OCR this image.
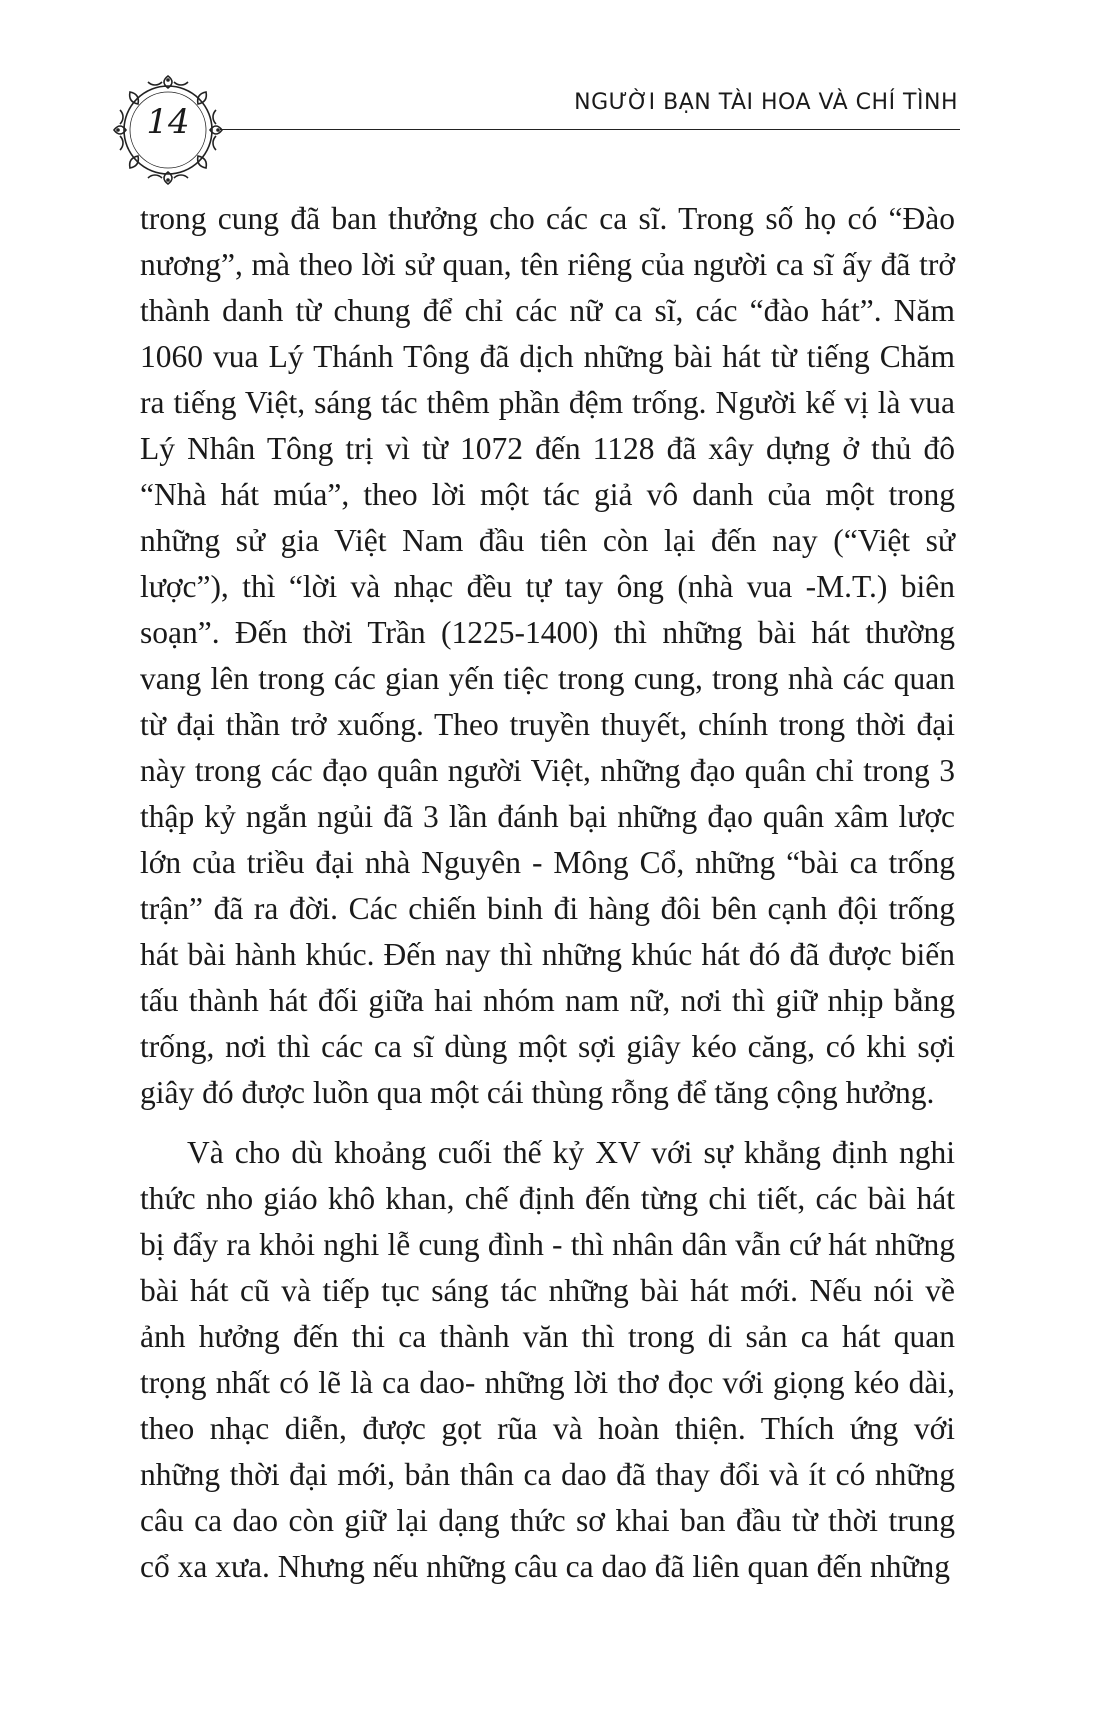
14	NGƯỜI BẠN TÀI HOA VÀ CHÍ TÌNH

trong cung đã ban thưởng cho các ca sĩ. Trong số họ có “Đào nương”, mà theo lời sử quan, tên riêng của người ca sĩ ấy đã trở thành danh từ chung để chỉ các nữ ca sĩ, các “đào hát”. Năm 1060 vua Lý Thánh Tông đã dịch những bài hát từ tiếng Chăm ra tiếng Việt, sáng tác thêm phần đệm trống. Người kế vị là vua Lý Nhân Tông trị vì từ 1072 đến 1128 đã xây dựng ở thủ đô “Nhà hát múa”, theo lời một tác giả vô danh của một trong những sử gia Việt Nam đầu tiên còn lại đến nay (“Việt sử lược”), thì “lời và nhạc đều tự tay ông (nhà vua -M.T.) biên soạn”. Đến thời Trần (1225-1400) thì những bài hát thường vang lên trong các gian yến tiệc trong cung, trong nhà các quan từ đại thần trở xuống. Theo truyền thuyết, chính trong thời đại này trong các đạo quân người Việt, những đạo quân chỉ trong 3 thập kỷ ngắn ngủi đã 3 lần đánh bại những đạo quân xâm lược lớn của triều đại nhà Nguyên - Mông Cổ, những “bài ca trống trận” đã ra đời. Các chiến binh đi hàng đôi bên cạnh đội trống hát bài hành khúc. Đến nay thì những khúc hát đó đã được biến tấu thành hát đối giữa hai nhóm nam nữ, nơi thì giữ nhịp bằng trống, nơi thì các ca sĩ dùng một sợi giây kéo căng, có khi sợi giây đó được luồn qua một cái thùng rỗng để tăng cộng hưởng.

Và cho dù khoảng cuối thế kỷ XV với sự khẳng định nghi thức nho giáo khô khan, chế định đến từng chi tiết, các bài hát bị đẩy ra khỏi nghi lễ cung đình - thì nhân dân vẫn cứ hát những bài hát cũ và tiếp tục sáng tác những bài hát mới. Nếu nói về ảnh hưởng đến thi ca thành văn thì trong di sản ca hát quan trọng nhất có lẽ là ca dao- những lời thơ đọc với giọng kéo dài, theo nhạc diễn, được gọt rũa và hoàn thiện. Thích ứng với những thời đại mới, bản thân ca dao đã thay đổi và ít có những câu ca dao còn giữ lại dạng thức sơ khai ban đầu từ thời trung cổ xa xưa. Nhưng nếu những câu ca dao đã liên quan đến những
